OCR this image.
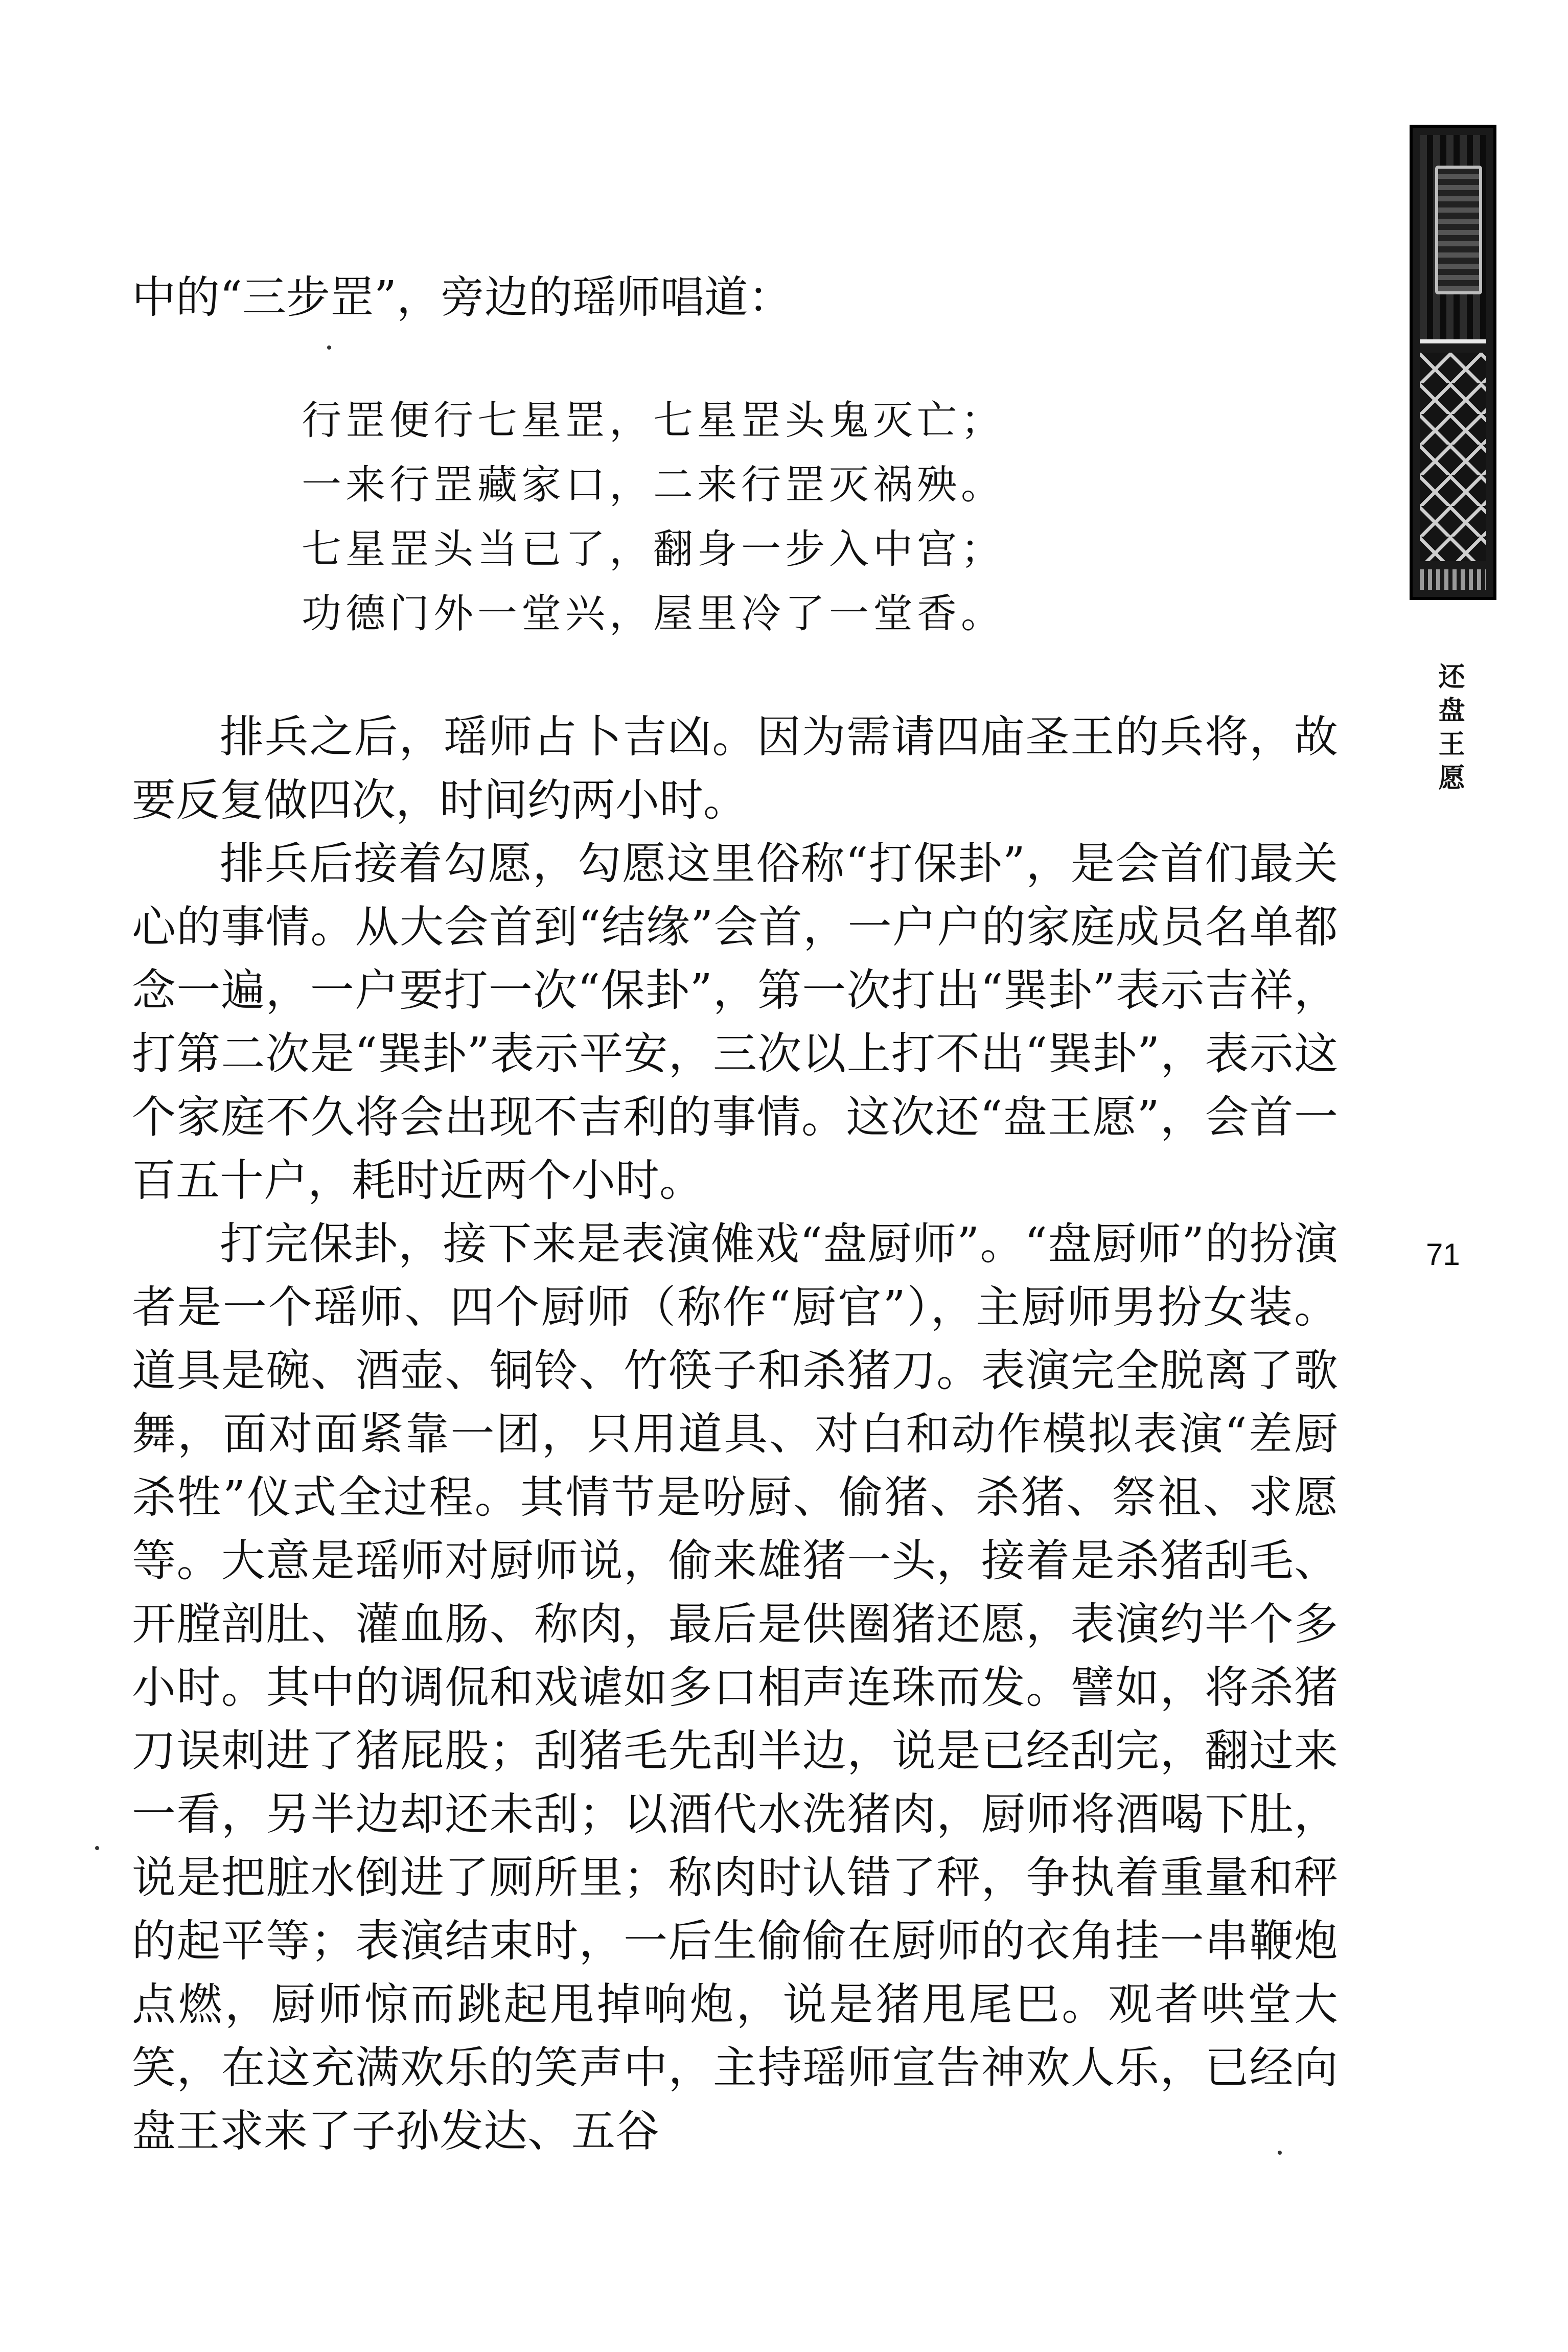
还盘王愿
71

中的“三步罡”，旁边的瑶师唱道：

行罡便行七星罡，七星罡头鬼灭亡；
一来行罡藏家口，二来行罡灭祸殃。
七星罡头当已了，翻身一步入中宫；
功德门外一堂兴，屋里冷了一堂香。

排兵之后，瑶师占卜吉凶。因为需请四庙圣王的兵将，故要反复做四次，时间约两小时。

排兵后接着勾愿，勾愿这里俗称“打保卦”，是会首们最关心的事情。从大会首到“结缘”会首，一户户的家庭成员名单都念一遍，一户要打一次“保卦”，第一次打出“巽卦”表示吉祥，打第二次是“巽卦”表示平安，三次以上打不出“巽卦”，表示这个家庭不久将会出现不吉利的事情。这次还“盘王愿”，会首一百五十户，耗时近两个小时。

打完保卦，接下来是表演傩戏“盘厨师”。“盘厨师”的扮演者是一个瑶师、四个厨师（称作“厨官”），主厨师男扮女装。道具是碗、酒壶、铜铃、竹筷子和杀猪刀。表演完全脱离了歌舞，面对面紧靠一团，只用道具、对白和动作模拟表演“差厨杀牲”仪式全过程。其情节是吩厨、偷猪、杀猪、祭祖、求愿等。大意是瑶师对厨师说，偷来雄猪一头，接着是杀猪刮毛、开膛剖肚、灌血肠、称肉，最后是供圈猪还愿，表演约半个多小时。其中的调侃和戏谑如多口相声连珠而发。譬如，将杀猪刀误刺进了猪屁股；刮猪毛先刮半边，说是已经刮完，翻过来一看，另半边却还未刮；以酒代水洗猪肉，厨师将酒喝下肚，说是把脏水倒进了厕所里；称肉时认错了秤，争执着重量和秤的起平等；表演结束时，一后生偷偷在厨师的衣角挂一串鞭炮点燃，厨师惊而跳起甩掉响炮，说是猪甩尾巴。观者哄堂大笑，在这充满欢乐的笑声中，主持瑶师宣告神欢人乐，已经向盘王求来了子孙发达、五谷
